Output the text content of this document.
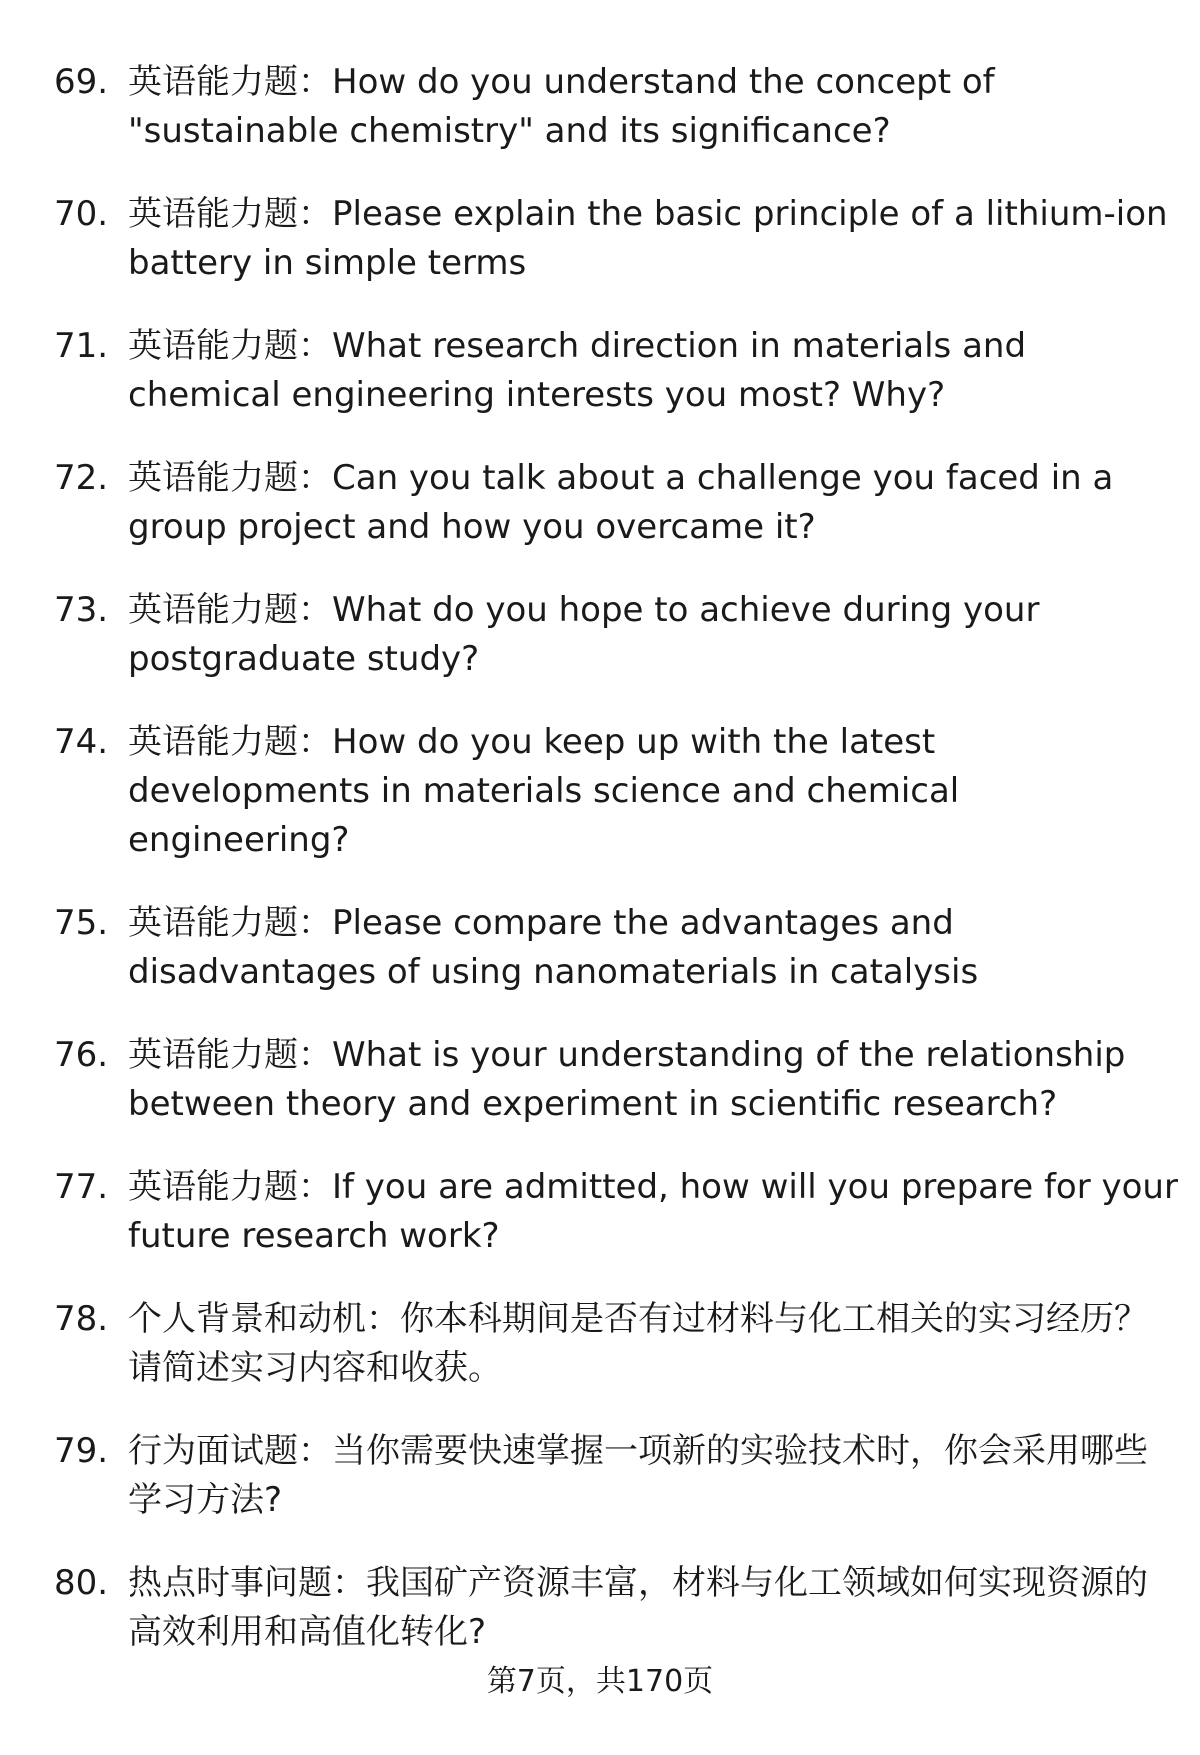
69. 英语能力题：How do you understand the concept of "sustainable chemistry" and its significance?
70. 英语能力题：Please explain the basic principle of a lithium-ion battery in simple terms
71. 英语能力题：What research direction in materials and chemical engineering interests you most? Why?
72. 英语能力题：Can you talk about a challenge you faced in a group project and how you overcame it?
73. 英语能力题：What do you hope to achieve during your postgraduate study?
74. 英语能力题：How do you keep up with the latest developments in materials science and chemical engineering?
75. 英语能力题：Please compare the advantages and disadvantages of using nanomaterials in catalysis
76. 英语能力题：What is your understanding of the relationship between theory and experiment in scientific research?
77. 英语能力题：If you are admitted, how will you prepare for your future research work?
78. 个人背景和动机：你本科期间是否有过材料与化工相关的实习经历？请简述实习内容和收获。
79. 行为面试题：当你需要快速掌握一项新的实验技术时，你会采用哪些学习方法?
80. 热点时事问题：我国矿产资源丰富，材料与化工领域如何实现资源的高效利用和高值化转化?
第7页，共170页
